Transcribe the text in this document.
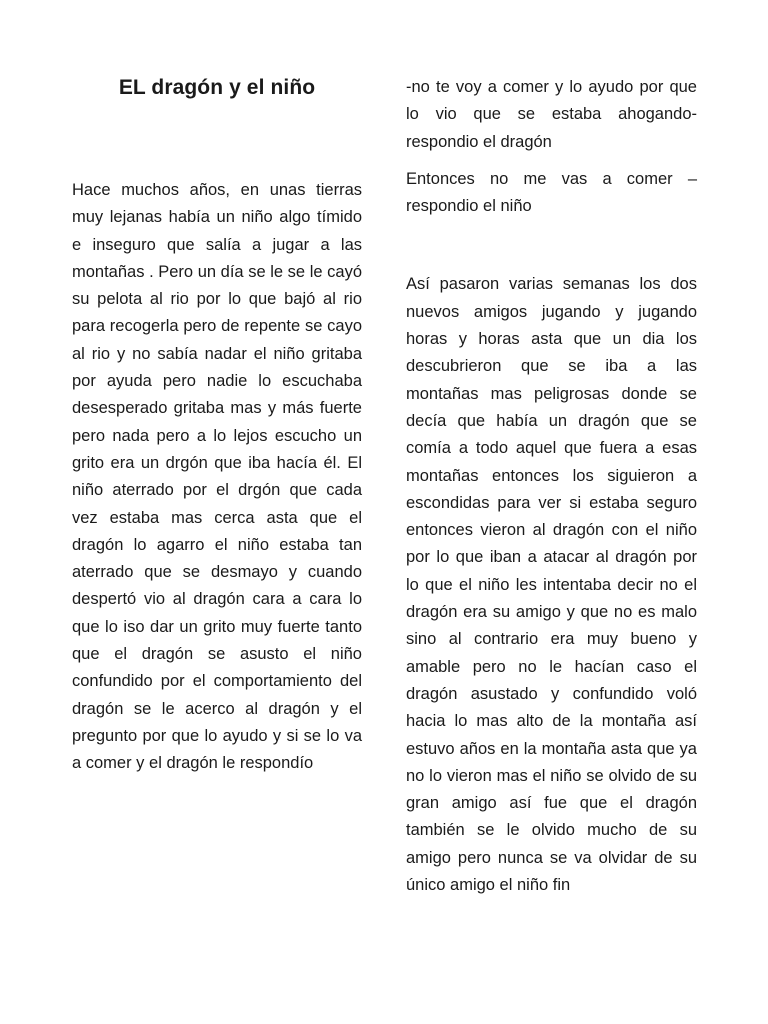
EL dragón y el niño

Hace muchos años, en unas tierras muy lejanas había un niño algo tímido e inseguro que salía a jugar a las montañas . Pero un día se le se le cayó su pelota al rio por lo que bajó al rio para recogerla pero de repente se cayo al rio y no sabía nadar el niño gritaba por ayuda pero nadie lo escuchaba desesperado gritaba mas y más fuerte pero nada pero a lo lejos escucho un grito era un drgón que iba hacía él. El niño aterrado por el drgón que cada vez estaba mas cerca asta que el dragón lo agarro el niño estaba tan aterrado que se desmayo y cuando despertó vio al dragón cara a cara lo que lo iso dar un grito muy fuerte tanto que el dragón se asusto el niño confundido por el comportamiento del dragón se le acerco al dragón y el pregunto por que lo ayudo y si se lo va a comer y el dragón le respondío

-no te voy a comer y lo ayudo por que lo vio que se estaba ahogando-respondio el dragón

Entonces no me vas a comer – respondio el niño

Así pasaron varias semanas los dos nuevos amigos jugando y jugando horas y horas asta que un dia los descubrieron que se iba a las montañas mas peligrosas donde se decía que había un dragón que se comía a todo aquel que fuera a esas montañas entonces los siguieron a escondidas para ver si estaba seguro entonces vieron al dragón con el niño por lo que iban a atacar al dragón por lo que el niño les intentaba decir no el dragón era su amigo y que no es malo sino al contrario era muy bueno y amable pero no le hacían caso el dragón asustado y confundido voló hacia lo mas alto de la montaña así estuvo años en la montaña asta que ya no lo vieron mas el niño se olvido de su gran amigo así fue que el dragón también se le olvido mucho de su amigo pero nunca se va olvidar de su único amigo el niño fin
